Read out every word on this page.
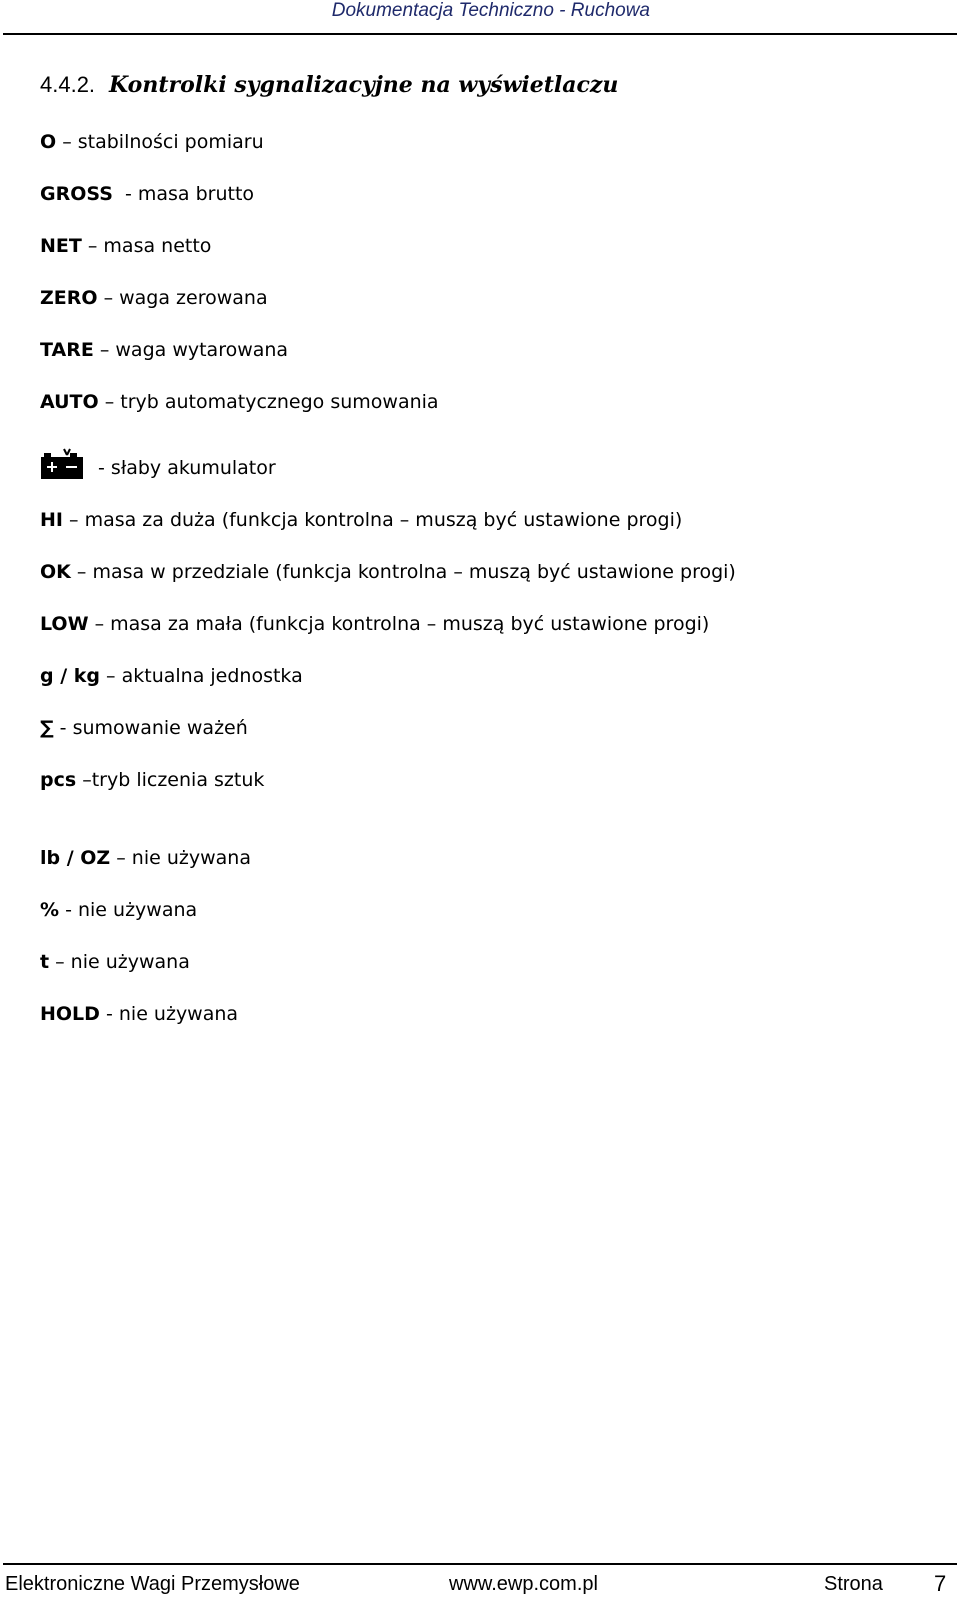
Dokumentacja Techniczno - Ruchowa
4.4.2. Kontrolki sygnalizacyjne na wyświetlaczu
O – stabilności pomiaru
GROSS  - masa brutto
NET – masa netto
ZERO – waga zerowana
TARE – waga wytarowana
AUTO – tryb automatycznego sumowania
- słaby akumulator
HI – masa za duża (funkcja kontrolna – muszą być ustawione progi)
OK – masa w przedziale (funkcja kontrolna – muszą być ustawione progi)
LOW – masa za mała (funkcja kontrolna – muszą być ustawione progi)
g / kg – aktualna jednostka
∑ - sumowanie ważeń
pcs –tryb liczenia sztuk
lb / OZ – nie używana
% - nie używana
t – nie używana
HOLD - nie używana
Elektroniczne Wagi Przemysłowe	www.ewp.com.pl	Strona 7
